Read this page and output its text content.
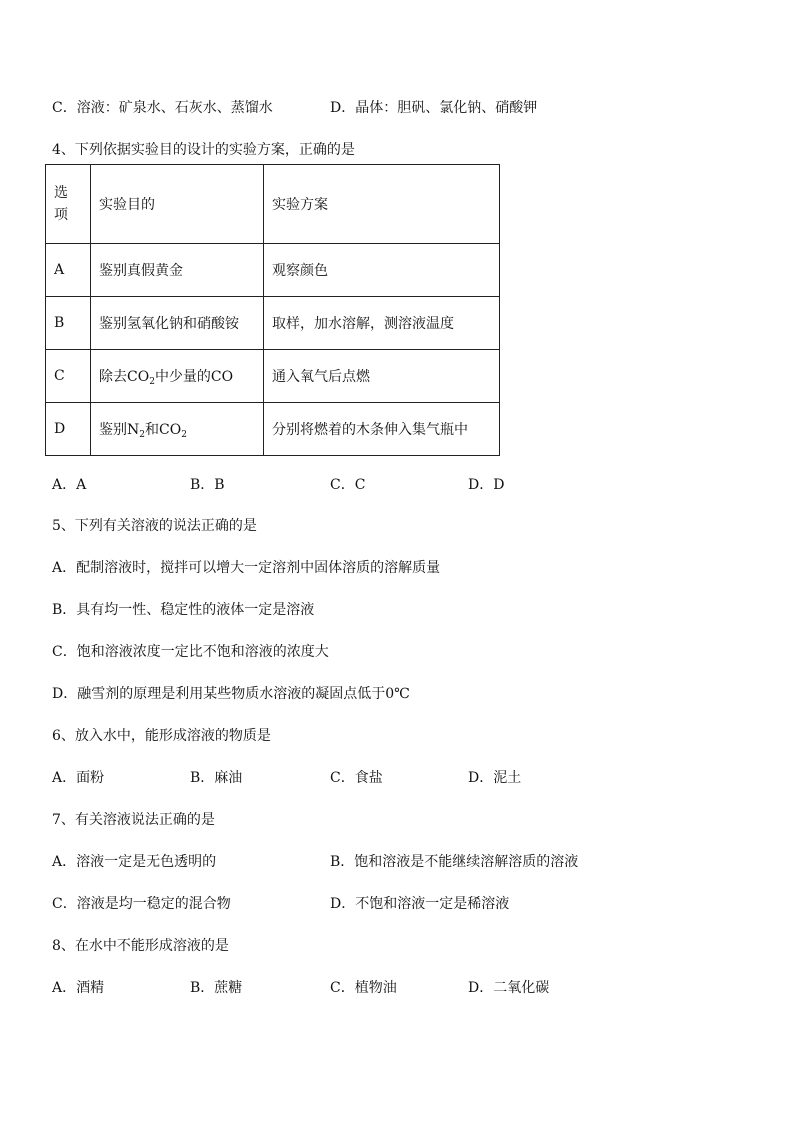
C．溶液：矿泉水、石灰水、蒸馏水	D．晶体：胆矾、氯化钠、硝酸钾
4、下列依据实验目的设计的实验方案，正确的是
选
项	实验目的	实验方案
A	鉴别真假黄金	观察颜色
B	鉴别氢氧化钠和硝酸铵	取样，加水溶解，测溶液温度
C	除去$CO_2$中少量的CO	通入氧气后点燃
D	鉴别$N_2$和$CO_2$	分别将燃着的木条伸入集气瓶中
A．A	B．B	C．C	D．D
5、下列有关溶液的说法正确的是
A．配制溶液时，搅拌可以增大一定溶剂中固体溶质的溶解质量
B．具有均一性、稳定性的液体一定是溶液
C．饱和溶液浓度一定比不饱和溶液的浓度大
D．融雪剂的原理是利用某些物质水溶液的凝固点低于0℃
6、放入水中，能形成溶液的物质是
A．面粉	B．麻油	C．食盐	D．泥土
7、有关溶液说法正确的是
A．溶液一定是无色透明的	B．饱和溶液是不能继续溶解溶质的溶液
C．溶液是均一稳定的混合物	D．不饱和溶液一定是稀溶液
8、在水中不能形成溶液的是
A．酒精	B．蔗糖	C．植物油	D．二氧化碳
